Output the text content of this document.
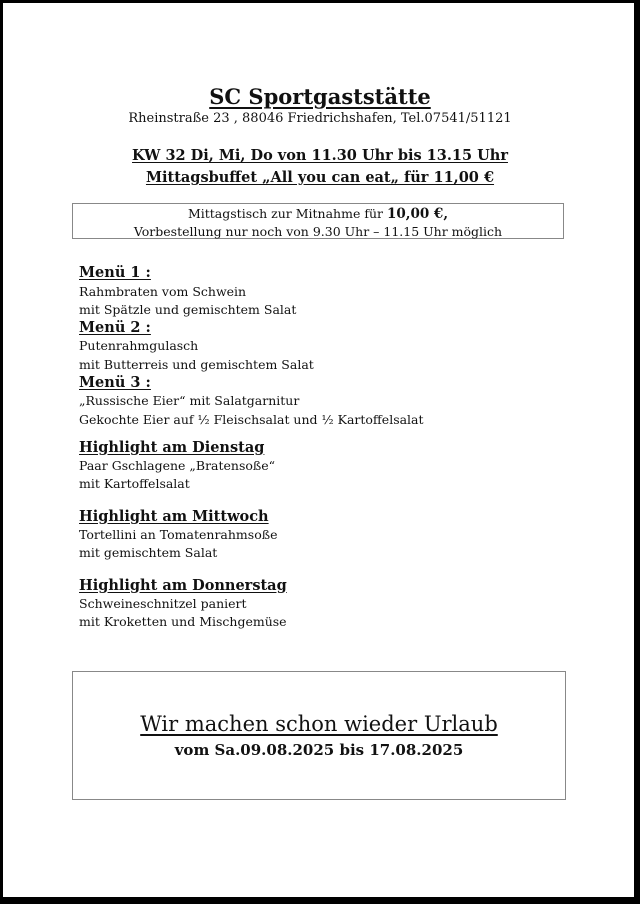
SC Sportgaststätte
Rheinstraße 23 , 88046 Friedrichshafen, Tel.07541/51121
KW 32 Di, Mi, Do von 11.30 Uhr bis 13.15 Uhr
Mittagsbuffet „All you can eat„ für 11,00 €
Mittagstisch zur Mitnahme für 10,00 €,
Vorbestellung nur noch von 9.30 Uhr – 11.15 Uhr möglich
Menü 1 :
Rahmbraten vom Schwein
mit Spätzle und gemischtem Salat
Menü 2 :
Putenrahmgulasch
mit Butterreis und gemischtem Salat
Menü 3 :
„Russische Eier“ mit Salatgarnitur
Gekochte Eier auf ½ Fleischsalat und ½ Kartoffelsalat
Highlight am Dienstag
Paar Gschlagene „Bratensoße“
mit Kartoffelsalat
Highlight am Mittwoch
Tortellini an Tomatenrahmsoße
mit gemischtem Salat
Highlight am Donnerstag
Schweineschnitzel paniert
mit Kroketten und Mischgemüse
Wir machen schon wieder Urlaub
vom Sa.09.08.2025 bis 17.08.2025
